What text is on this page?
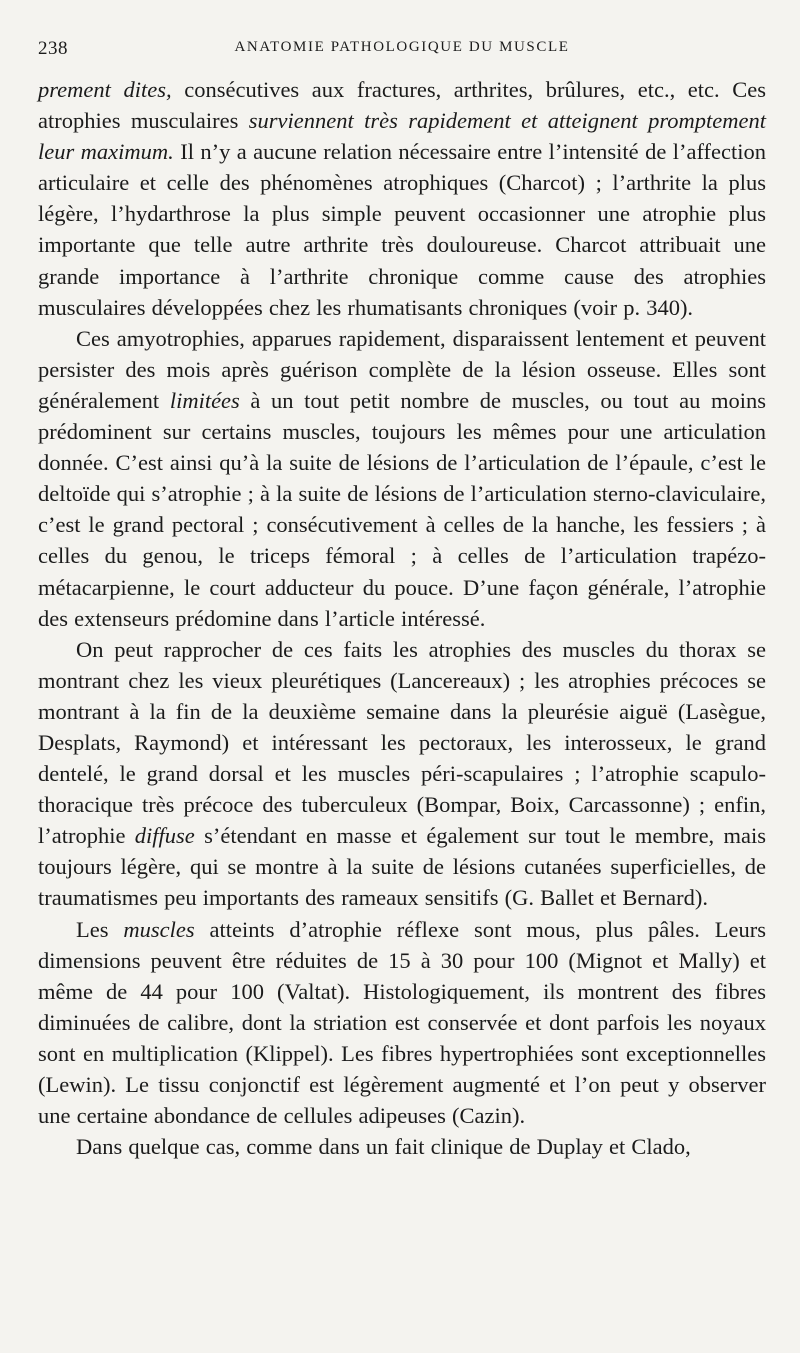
238	ANATOMIE PATHOLOGIQUE DU MUSCLE

prement dites, consécutives aux fractures, arthrites, brûlures, etc., etc. Ces atrophies musculaires surviennent très rapidement et atteignent promptement leur maximum. Il n’y a aucune relation nécessaire entre l’intensité de l’affection articulaire et celle des phénomènes atrophiques (Charcot) ; l’arthrite la plus légère, l’hydarthrose la plus simple peuvent occasionner une atrophie plus importante que telle autre arthrite très douloureuse. Charcot attribuait une grande importance à l’arthrite chronique comme cause des atrophies musculaires développées chez les rhumatisants chroniques (voir p. 340).

Ces amyotrophies, apparues rapidement, disparaissent lentement et peuvent persister des mois après guérison complète de la lésion osseuse. Elles sont généralement limitées à un tout petit nombre de muscles, ou tout au moins prédominent sur certains muscles, toujours les mêmes pour une articulation donnée. C’est ainsi qu’à la suite de lésions de l’articulation de l’épaule, c’est le deltoïde qui s’atrophie ; à la suite de lésions de l’articulation sterno-claviculaire, c’est le grand pectoral ; consécutivement à celles de la hanche, les fessiers ; à celles du genou, le triceps fémoral ; à celles de l’articulation trapézo-métacarpienne, le court adducteur du pouce. D’une façon générale, l’atrophie des extenseurs prédomine dans l’article intéressé.

On peut rapprocher de ces faits les atrophies des muscles du thorax se montrant chez les vieux pleurétiques (Lancereaux) ; les atrophies précoces se montrant à la fin de la deuxième semaine dans la pleurésie aiguë (Lasègue, Desplats, Raymond) et intéressant les pectoraux, les interosseux, le grand dentelé, le grand dorsal et les muscles péri-scapulaires ; l’atrophie scapulo-thoracique très précoce des tuberculeux (Bompar, Boix, Carcassonne) ; enfin, l’atrophie diffuse s’étendant en masse et également sur tout le membre, mais toujours légère, qui se montre à la suite de lésions cutanées superficielles, de traumatismes peu importants des rameaux sensitifs (G. Ballet et Bernard).

Les muscles atteints d’atrophie réflexe sont mous, plus pâles. Leurs dimensions peuvent être réduites de 15 à 30 pour 100 (Mignot et Mally) et même de 44 pour 100 (Valtat). Histologiquement, ils montrent des fibres diminuées de calibre, dont la striation est conservée et dont parfois les noyaux sont en multiplication (Klippel). Les fibres hypertrophiées sont exceptionnelles (Lewin). Le tissu conjonctif est légèrement augmenté et l’on peut y observer une certaine abondance de cellules adipeuses (Cazin).

Dans quelque cas, comme dans un fait clinique de Duplay et Clado,
